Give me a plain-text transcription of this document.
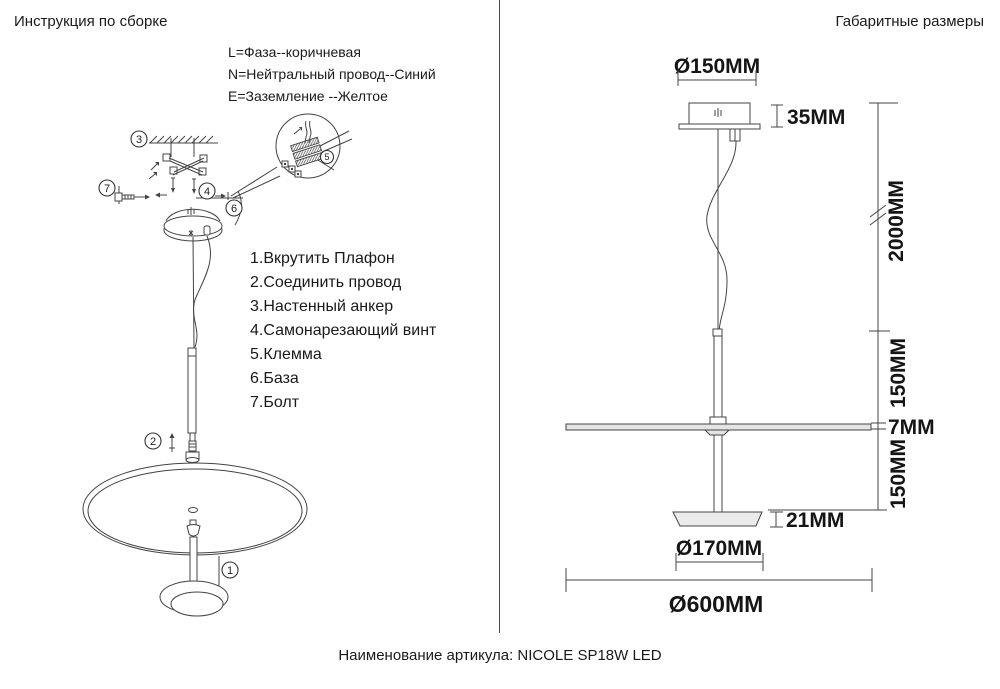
Инструкция по сборке	Габаритные размеры
L=Фаза--коричневая
N=Нейтральный провод--Синий
E=Заземление --Желтое
1.Вкрутить Плафон
2.Соединить провод
3.Настенный анкер
4.Самонарезающий винт
5.Клемма
6.База
7.Болт
3
7	4
6
5
2
1
Ø150MM
35MM
2000MM
150MM
7MM
150MM
21MM
Ø170MM
Ø600MM
Наименование артикула: NICOLE SP18W LED
